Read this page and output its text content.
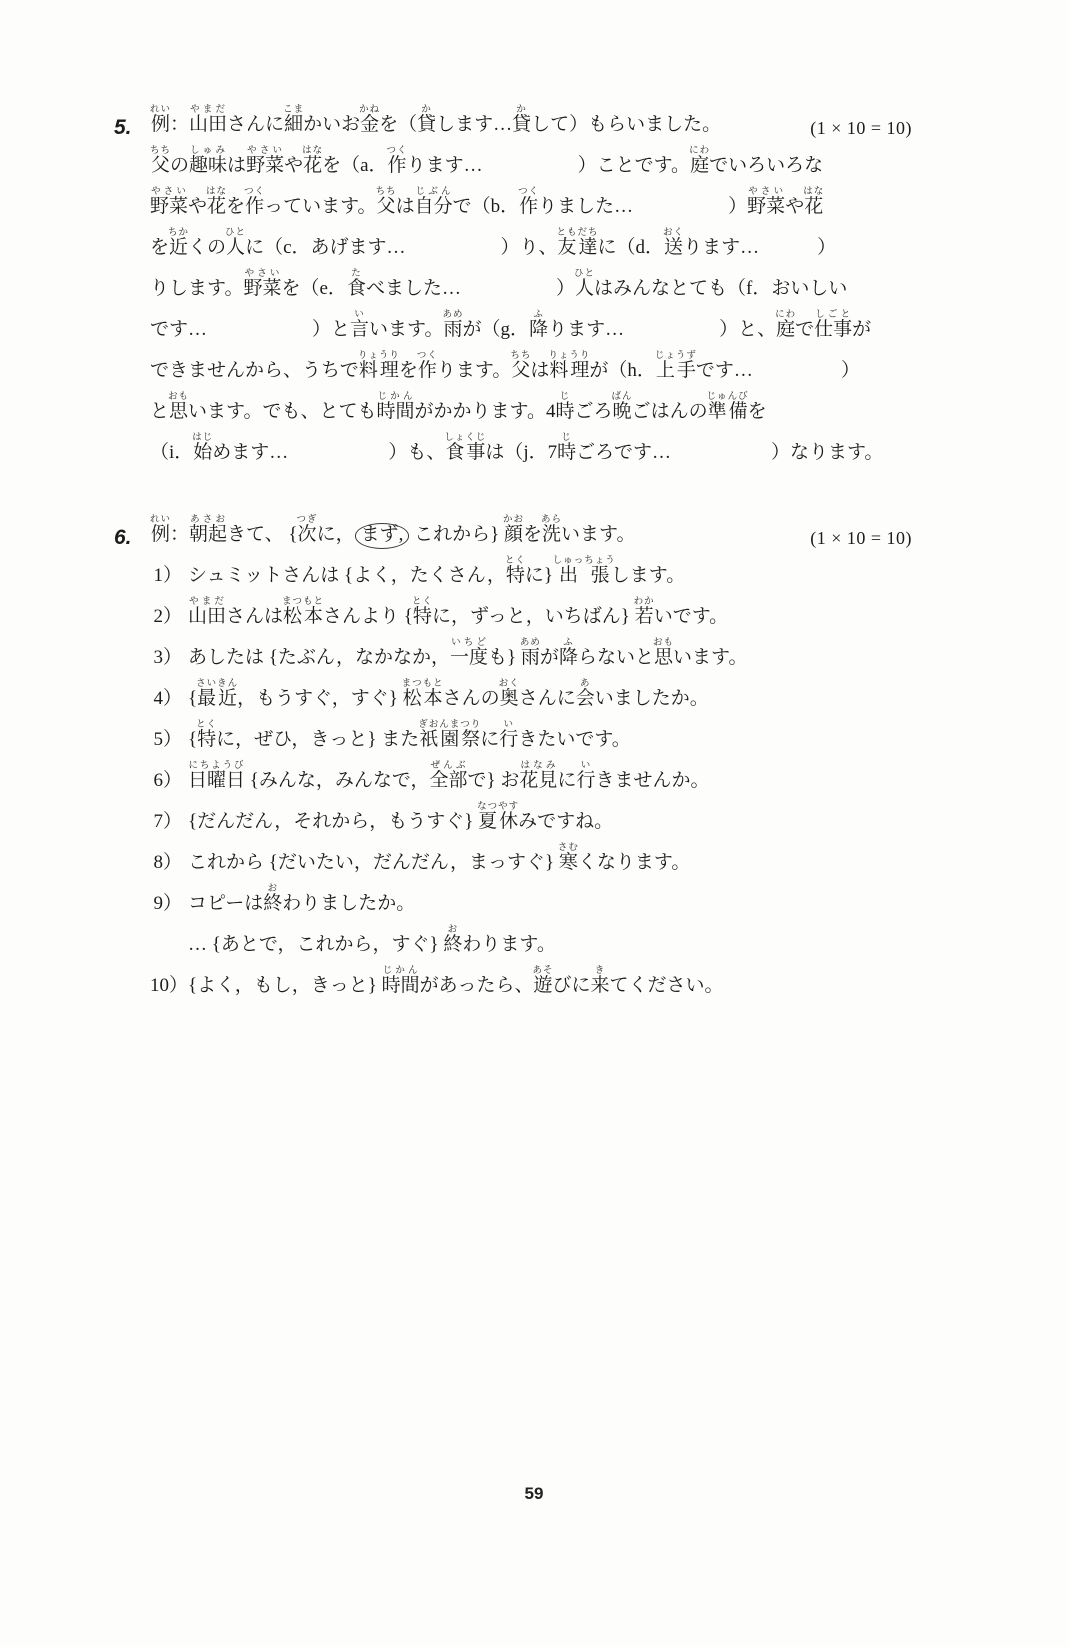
5.	(1 × 10 = 10)
例れい：山田やまださんに細こまかいお金かねを（貸かします…貸かして）もらいました。
父ちちの趣味しゅみは野菜やさいや花はなを（a．作つくります…	）ことです。庭にわでいろいろな
野菜やさいや花はなを作つくっています。父ちちは自分じぶんで（b．作つくりました…	）野菜やさいや花はな
を近ちかくの人ひとに（c．あげます…	）り、友達ともだちに（d．送おくります…	）
りします。野菜やさいを（e．食たべました…	）人ひとはみんなとても（f．おいしい
です…	）と言いいます。雨あめが（g．降ふります…	）と、庭にわで仕事しごとが
できませんから、うちで料理りょうりを作つくります。父ちちは料理りょうりが（h．上手じょうずです…	）
と思おもいます。でも、とても時間じかんがかかります。4時じごろ晩ばんごはんの準備じゅんびを
（i．始はじめます…	）も、食事しょくじは（j．7時じごろです…	）なります。
6.	(1 × 10 = 10)
例れい：朝起あさおきて、 {次つぎに， まず, これから} 顔かおを洗あらいます。
1） シュミットさんは {よく，たくさん，特とくに} 出張しゅっちょうします。
2） 山田やまださんは松本まつもとさんより {特とくに，ずっと，いちばん} 若わかいです。
3） あしたは {たぶん，なかなか，一度いちども} 雨あめが降ふらないと思おもいます。
4） {最近さいきん，もうすぐ，すぐ} 松本まつもとさんの奥おくさんに会あいましたか。
5） {特とくに，ぜひ，きっと} また祇園祭ぎおんまつりに行いきたいです。
6） 日曜日にちようび {みんな，みんなで，全部ぜんぶで} お花見はなみに行いきませんか。
7） {だんだん，それから，もうすぐ} 夏休なつやすみですね。
8） これから {だいたい，だんだん，まっすぐ} 寒さむくなります。
9） コピーは終おわりましたか。
… {あとで，これから，すぐ} 終おわります。
10） {よく，もし，きっと} 時間じかんがあったら、遊あそびに来きてください。
59
